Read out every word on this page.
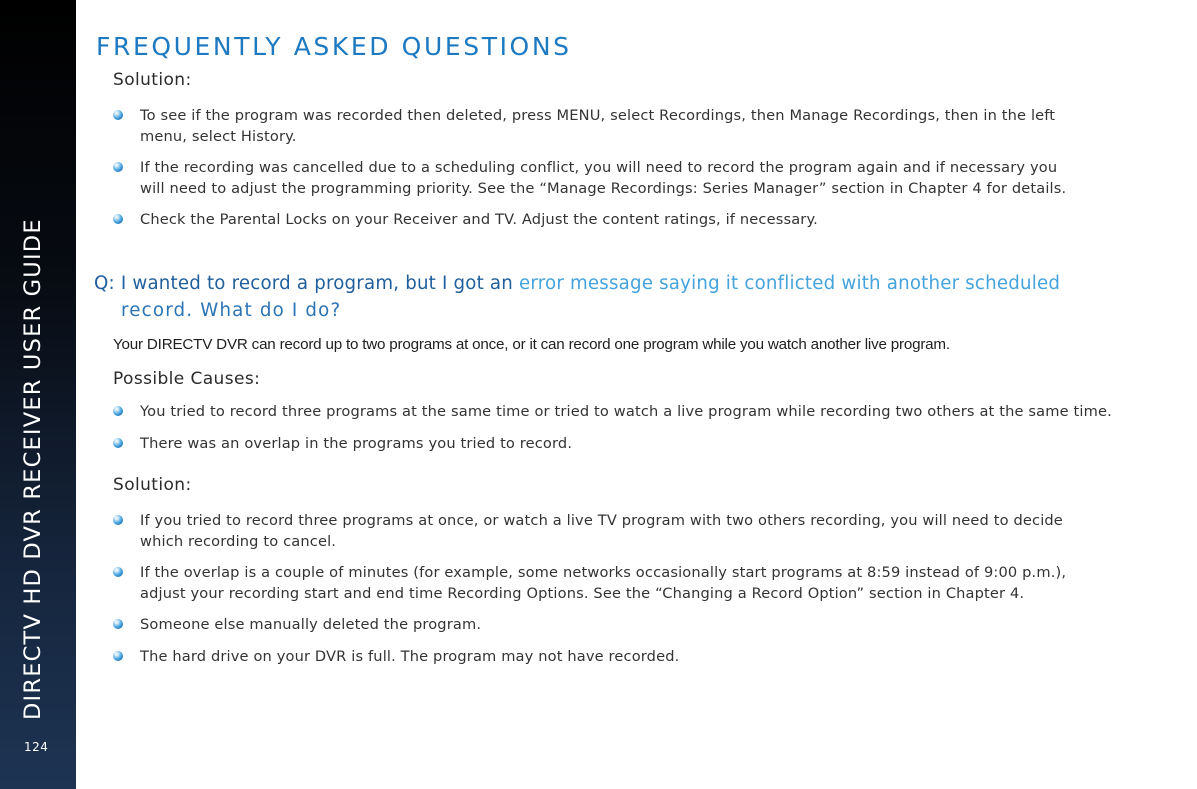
DIRECTV HD DVR RECEIVER USER GUIDE
124
FREQUENTLY ASKED QUESTIONS
Solution:
To see if the program was recorded then deleted, press MENU, select Recordings, then Manage Recordings, then in the left
menu, select History.
If the recording was cancelled due to a scheduling conflict, you will need to record the program again and if necessary you
will need to adjust the programming priority. See the “Manage Recordings: Series Manager” section in Chapter 4 for details.
Check the Parental Locks on your Receiver and TV. Adjust the content ratings, if necessary.
Q: I wanted to record a program, but I got an error message saying it conflicted with another scheduled
record. What do I do?
Your DIRECTV DVR can record up to two programs at once, or it can record one program while you watch another live program.
Possible Causes:
You tried to record three programs at the same time or tried to watch a live program while recording two others at the same time.
There was an overlap in the programs you tried to record.
Solution:
If you tried to record three programs at once, or watch a live TV program with two others recording, you will need to decide
which recording to cancel.
If the overlap is a couple of minutes (for example, some networks occasionally start programs at 8:59 instead of 9:00 p.m.),
adjust your recording start and end time Recording Options. See the “Changing a Record Option” section in Chapter 4.
Someone else manually deleted the program.
The hard drive on your DVR is full. The program may not have recorded.
